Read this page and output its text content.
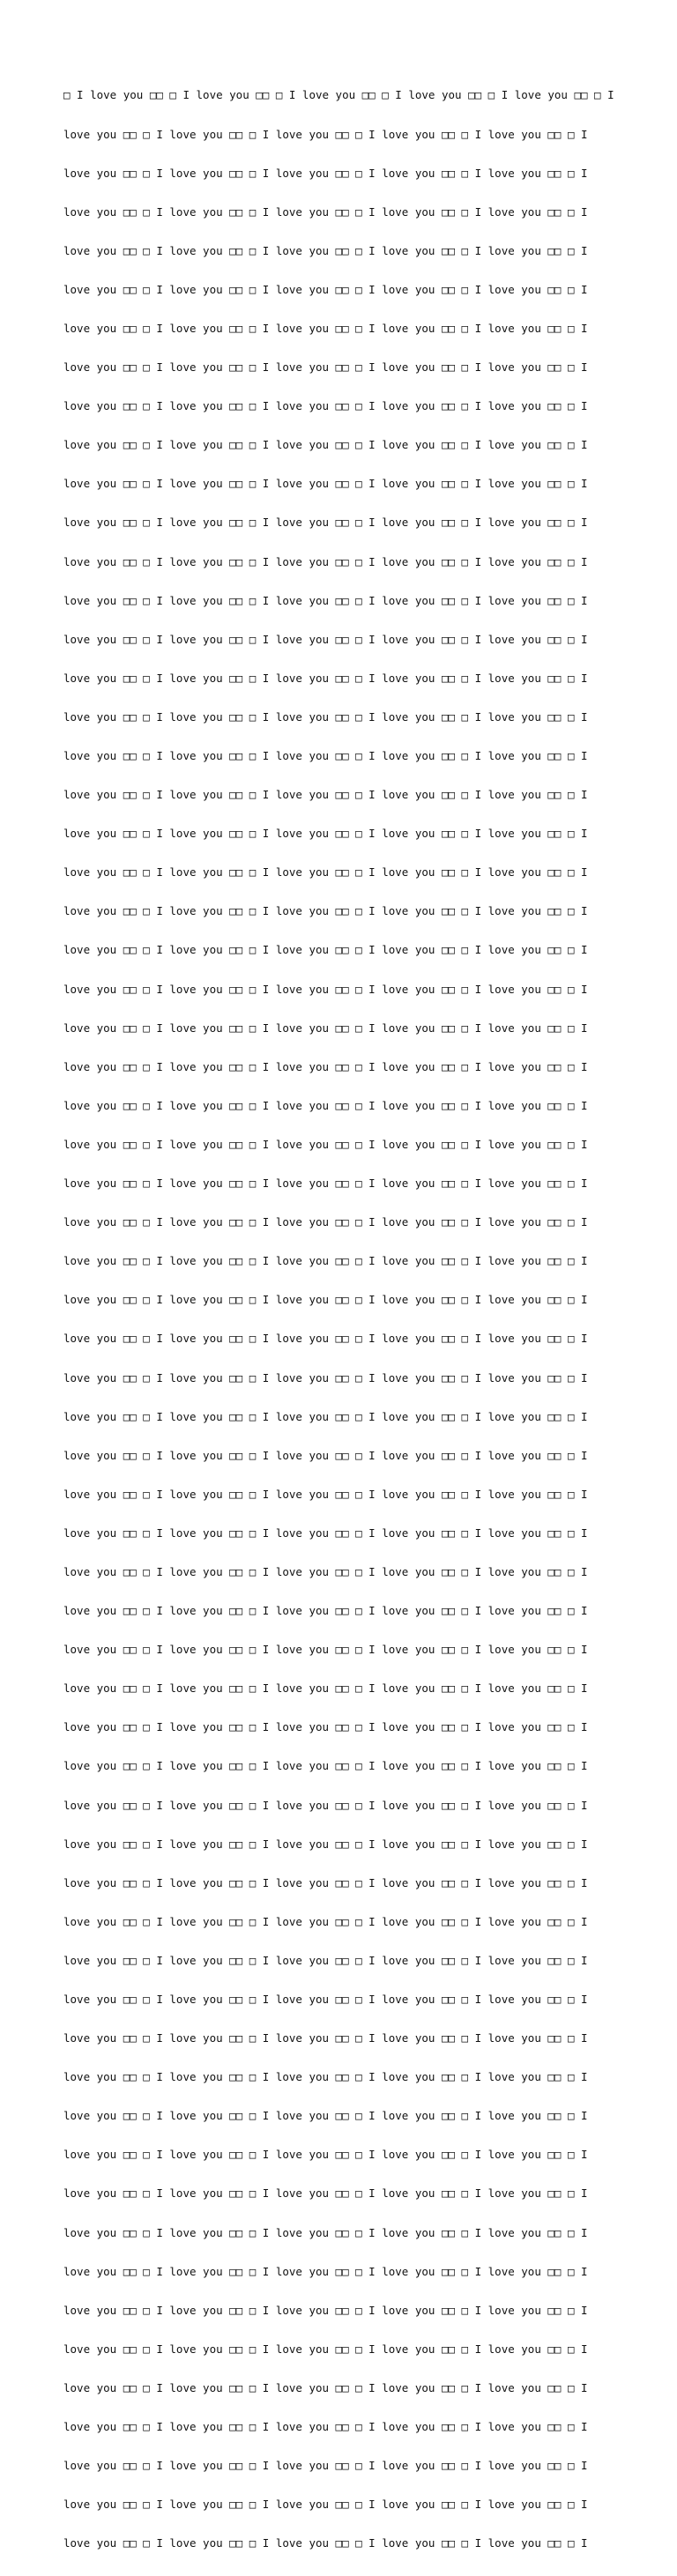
□ I love you □□ □ I love you □□ □ I love you □□ □ I love you □□ □ I love you □□ □ I

love you □□ □ I love you □□ □ I love you □□ □ I love you □□ □ I love you □□ □ I

love you □□ □ I love you □□ □ I love you □□ □ I love you □□ □ I love you □□ □ I

love you □□ □ I love you □□ □ I love you □□ □ I love you □□ □ I love you □□ □ I

love you □□ □ I love you □□ □ I love you □□ □ I love you □□ □ I love you □□ □ I

love you □□ □ I love you □□ □ I love you □□ □ I love you □□ □ I love you □□ □ I

love you □□ □ I love you □□ □ I love you □□ □ I love you □□ □ I love you □□ □ I

love you □□ □ I love you □□ □ I love you □□ □ I love you □□ □ I love you □□ □ I

love you □□ □ I love you □□ □ I love you □□ □ I love you □□ □ I love you □□ □ I

love you □□ □ I love you □□ □ I love you □□ □ I love you □□ □ I love you □□ □ I

love you □□ □ I love you □□ □ I love you □□ □ I love you □□ □ I love you □□ □ I

love you □□ □ I love you □□ □ I love you □□ □ I love you □□ □ I love you □□ □ I

love you □□ □ I love you □□ □ I love you □□ □ I love you □□ □ I love you □□ □ I

love you □□ □ I love you □□ □ I love you □□ □ I love you □□ □ I love you □□ □ I

love you □□ □ I love you □□ □ I love you □□ □ I love you □□ □ I love you □□ □ I

love you □□ □ I love you □□ □ I love you □□ □ I love you □□ □ I love you □□ □ I

love you □□ □ I love you □□ □ I love you □□ □ I love you □□ □ I love you □□ □ I

love you □□ □ I love you □□ □ I love you □□ □ I love you □□ □ I love you □□ □ I

love you □□ □ I love you □□ □ I love you □□ □ I love you □□ □ I love you □□ □ I

love you □□ □ I love you □□ □ I love you □□ □ I love you □□ □ I love you □□ □ I

love you □□ □ I love you □□ □ I love you □□ □ I love you □□ □ I love you □□ □ I

love you □□ □ I love you □□ □ I love you □□ □ I love you □□ □ I love you □□ □ I

love you □□ □ I love you □□ □ I love you □□ □ I love you □□ □ I love you □□ □ I

love you □□ □ I love you □□ □ I love you □□ □ I love you □□ □ I love you □□ □ I

love you □□ □ I love you □□ □ I love you □□ □ I love you □□ □ I love you □□ □ I

love you □□ □ I love you □□ □ I love you □□ □ I love you □□ □ I love you □□ □ I

love you □□ □ I love you □□ □ I love you □□ □ I love you □□ □ I love you □□ □ I

love you □□ □ I love you □□ □ I love you □□ □ I love you □□ □ I love you □□ □ I

love you □□ □ I love you □□ □ I love you □□ □ I love you □□ □ I love you □□ □ I

love you □□ □ I love you □□ □ I love you □□ □ I love you □□ □ I love you □□ □ I

love you □□ □ I love you □□ □ I love you □□ □ I love you □□ □ I love you □□ □ I

love you □□ □ I love you □□ □ I love you □□ □ I love you □□ □ I love you □□ □ I

love you □□ □ I love you □□ □ I love you □□ □ I love you □□ □ I love you □□ □ I

love you □□ □ I love you □□ □ I love you □□ □ I love you □□ □ I love you □□ □ I

love you □□ □ I love you □□ □ I love you □□ □ I love you □□ □ I love you □□ □ I

love you □□ □ I love you □□ □ I love you □□ □ I love you □□ □ I love you □□ □ I

love you □□ □ I love you □□ □ I love you □□ □ I love you □□ □ I love you □□ □ I

love you □□ □ I love you □□ □ I love you □□ □ I love you □□ □ I love you □□ □ I

love you □□ □ I love you □□ □ I love you □□ □ I love you □□ □ I love you □□ □ I

love you □□ □ I love you □□ □ I love you □□ □ I love you □□ □ I love you □□ □ I

love you □□ □ I love you □□ □ I love you □□ □ I love you □□ □ I love you □□ □ I

love you □□ □ I love you □□ □ I love you □□ □ I love you □□ □ I love you □□ □ I

love you □□ □ I love you □□ □ I love you □□ □ I love you □□ □ I love you □□ □ I

love you □□ □ I love you □□ □ I love you □□ □ I love you □□ □ I love you □□ □ I

love you □□ □ I love you □□ □ I love you □□ □ I love you □□ □ I love you □□ □ I

love you □□ □ I love you □□ □ I love you □□ □ I love you □□ □ I love you □□ □ I

love you □□ □ I love you □□ □ I love you □□ □ I love you □□ □ I love you □□ □ I

love you □□ □ I love you □□ □ I love you □□ □ I love you □□ □ I love you □□ □ I

love you □□ □ I love you □□ □ I love you □□ □ I love you □□ □ I love you □□ □ I

love you □□ □ I love you □□ □ I love you □□ □ I love you □□ □ I love you □□ □ I

love you □□ □ I love you □□ □ I love you □□ □ I love you □□ □ I love you □□ □ I

love you □□ □ I love you □□ □ I love you □□ □ I love you □□ □ I love you □□ □ I

love you □□ □ I love you □□ □ I love you □□ □ I love you □□ □ I love you □□ □ I

love you □□ □ I love you □□ □ I love you □□ □ I love you □□ □ I love you □□ □ I

love you □□ □ I love you □□ □ I love you □□ □ I love you □□ □ I love you □□ □ I

love you □□ □ I love you □□ □ I love you □□ □ I love you □□ □ I love you □□ □ I

love you □□ □ I love you □□ □ I love you □□ □ I love you □□ □ I love you □□ □ I

love you □□ □ I love you □□ □ I love you □□ □ I love you □□ □ I love you □□ □ I

love you □□ □ I love you □□ □ I love you □□ □ I love you □□ □ I love you □□ □ I

love you □□ □ I love you □□ □ I love you □□ □ I love you □□ □ I love you □□ □ I

love you □□ □ I love you □□ □ I love you □□ □ I love you □□ □ I love you □□ □ I

love you □□ □ I love you □□ □ I love you □□ □ I love you □□ □ I love you □□ □ I

love you □□ □ I love you □□ □ I love you □□ □ I love you □□ □ I love you □□ □ I

love you □□ □ I love you □□ □ I love you □□ □ I love you □□ □ I love you □□ □ I
